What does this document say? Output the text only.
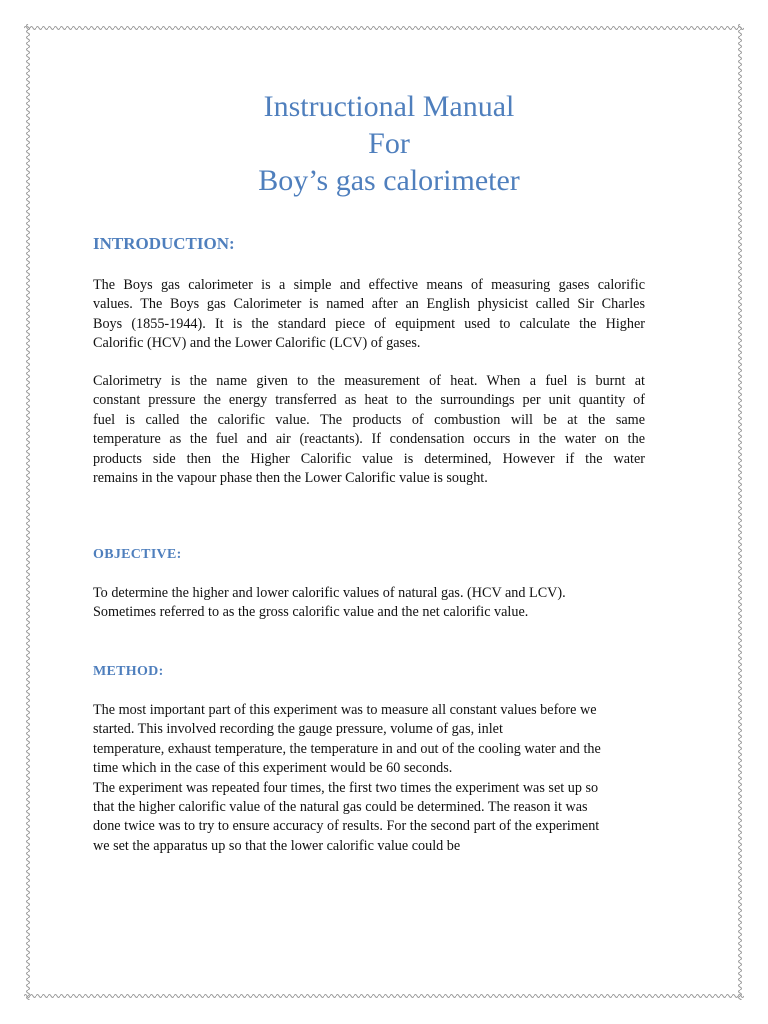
Instructional Manual
For
Boy’s gas calorimeter
INTRODUCTION:
The Boys gas calorimeter is a simple and effective means of measuring gases calorific
values. The Boys gas Calorimeter is named after an English physicist called Sir Charles
Boys (1855-1944). It is the standard piece of equipment used to calculate the Higher
Calorific (HCV) and the Lower Calorific (LCV) of gases.
Calorimetry is the name given to the measurement of heat. When a fuel is burnt at
constant pressure the energy transferred as heat to the surroundings per unit quantity of
fuel is called the calorific value. The products of combustion will be at the same
temperature as the fuel and air (reactants). If condensation occurs in the water on the
products side then the Higher Calorific value is determined, However if the water
remains in the vapour phase then the Lower Calorific value is sought.
OBJECTIVE:
To determine the higher and lower calorific values of natural gas. (HCV and LCV).
Sometimes referred to as the gross calorific value and the net calorific value.
METHOD:
The most important part of this experiment was to measure all constant values before we
started. This involved recording the gauge pressure, volume of gas, inlet
temperature, exhaust temperature, the temperature in and out of the cooling water and the
time which in the case of this experiment would be 60 seconds.
The experiment was repeated four times, the first two times the experiment was set up so
that the higher calorific value of the natural gas could be determined. The reason it was
done twice was to try to ensure accuracy of results. For the second part of the experiment
we set the apparatus up so that the lower calorific value could be
